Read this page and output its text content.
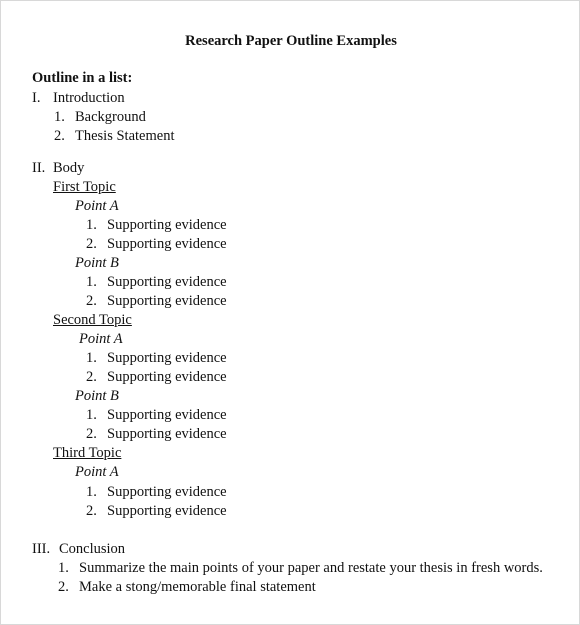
Research Paper Outline Examples
Outline in a list:
I. Introduction
1. Background
2. Thesis Statement
II. Body
First Topic
Point A
1. Supporting evidence
2. Supporting evidence
Point B
1. Supporting evidence
2. Supporting evidence
Second Topic
Point A
1. Supporting evidence
2. Supporting evidence
Point B
1. Supporting evidence
2. Supporting evidence
Third Topic
Point A
1. Supporting evidence
2. Supporting evidence
III. Conclusion
1. Summarize the main points of your paper and restate your thesis in fresh words.
2. Make a stong/memorable final statement
